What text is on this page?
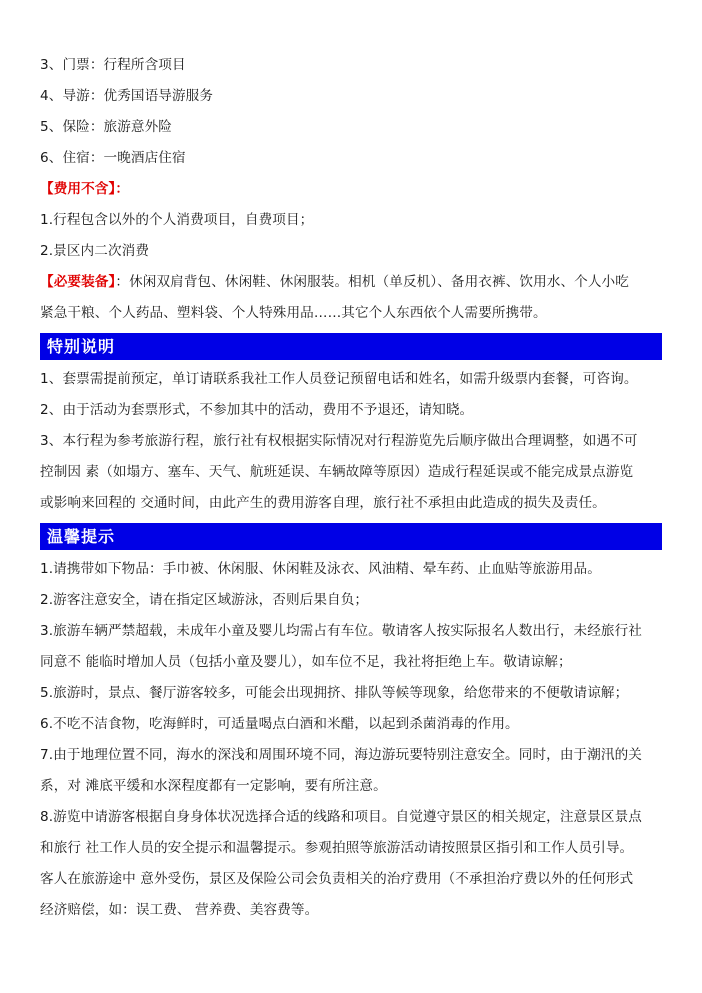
3、门票：行程所含项目
4、导游：优秀国语导游服务
5、保险：旅游意外险
6、住宿：一晚酒店住宿
【费用不含】：
1.行程包含以外的个人消费项目，自费项目；
2.景区内二次消费
【必要装备】：休闲双肩背包、休闲鞋、休闲服装。相机（单反机）、备用衣裤、饮用水、个人小吃
紧急干粮、个人药品、塑料袋、个人特殊用品……其它个人东西依个人需要所携带。
特别说明
1、套票需提前预定，单订请联系我社工作人员登记预留电话和姓名，如需升级票内套餐，可咨询。
2、由于活动为套票形式，不参加其中的活动，费用不予退还，请知晓。
3、本行程为参考旅游行程，旅行社有权根据实际情况对行程游览先后顺序做出合理调整，如遇不可
控制因 素（如塌方、塞车、天气、航班延误、车辆故障等原因）造成行程延误或不能完成景点游览
或影响来回程的 交通时间，由此产生的费用游客自理，旅行社不承担由此造成的损失及责任。
温馨提示
1.请携带如下物品：手巾被、休闲服、休闲鞋及泳衣、风油精、晕车药、止血贴等旅游用品。
2.游客注意安全，请在指定区域游泳，否则后果自负；
3.旅游车辆严禁超载，未成年小童及婴儿均需占有车位。敬请客人按实际报名人数出行，未经旅行社
同意不 能临时增加人员（包括小童及婴儿），如车位不足，我社将拒绝上车。敬请谅解；
5.旅游时，景点、餐厅游客较多，可能会出现拥挤、排队等候等现象，给您带来的不便敬请谅解；
6.不吃不洁食物，吃海鲜时，可适量喝点白酒和米醋，以起到杀菌消毒的作用。
7.由于地理位置不同，海水的深浅和周围环境不同，海边游玩要特别注意安全。同时，由于潮汛的关
系，对 滩底平缓和水深程度都有一定影响，要有所注意。
8.游览中请游客根据自身身体状况选择合适的线路和项目。自觉遵守景区的相关规定，注意景区景点
和旅行 社工作人员的安全提示和温馨提示。参观拍照等旅游活动请按照景区指引和工作人员引导。
客人在旅游途中 意外受伤，景区及保险公司会负责相关的治疗费用（不承担治疗费以外的任何形式
经济赔偿，如：误工费、 营养费、美容费等。
